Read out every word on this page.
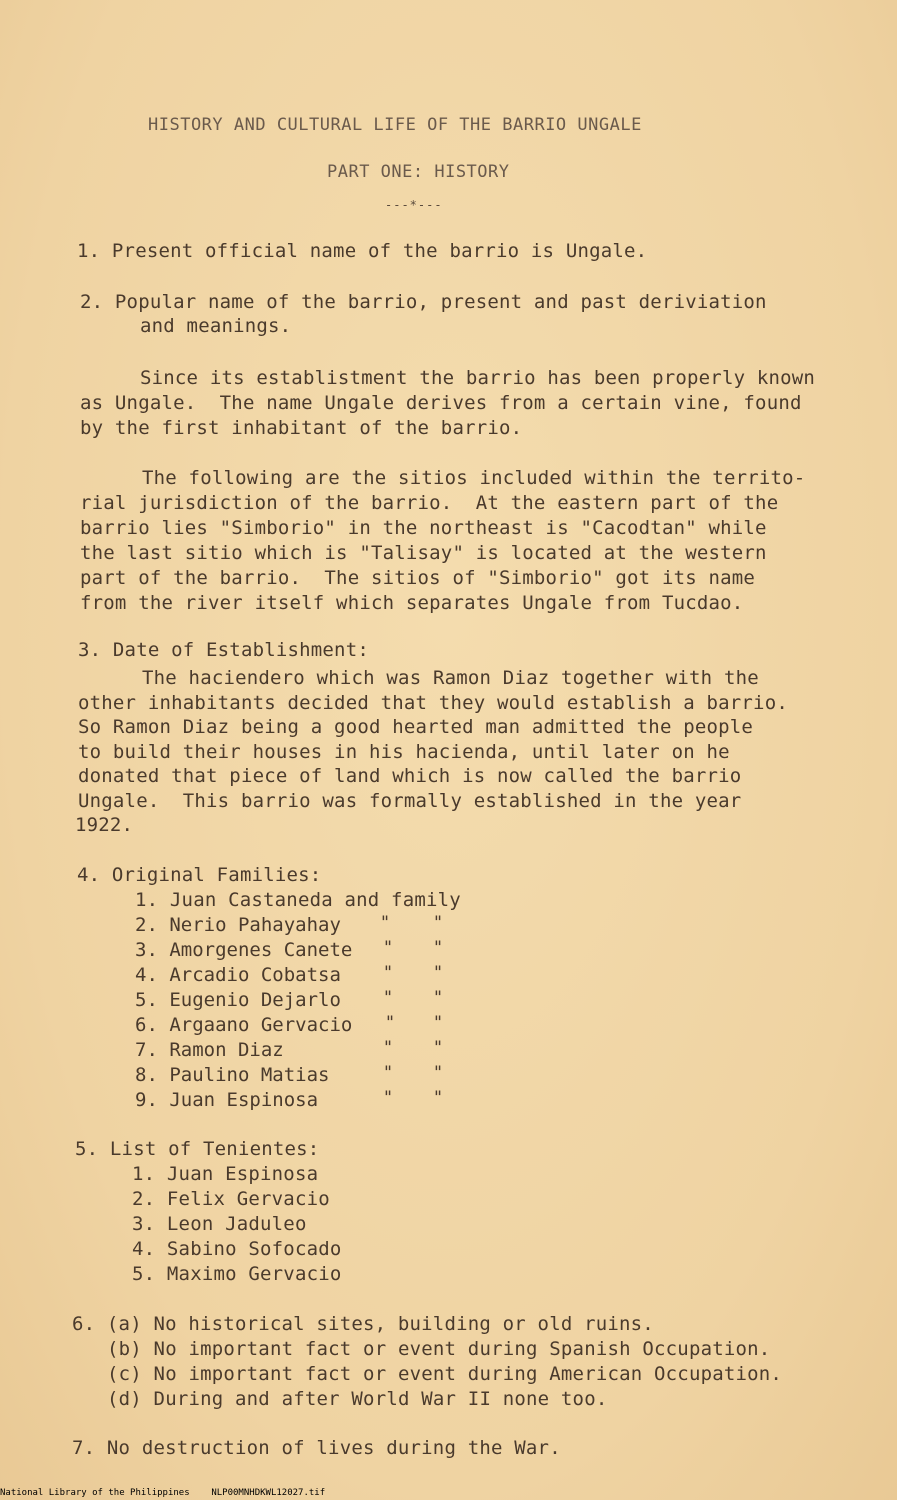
HISTORY AND CULTURAL LIFE OF THE BARRIO UNGALE
PART ONE: HISTORY
---*---
1. Present official name of the barrio is Ungale.
2. Popular name of the barrio, present and past deriviation
and meanings.
Since its establistment the barrio has been properly known
as Ungale.  The name Ungale derives from a certain vine, found
by the first inhabitant of the barrio.
The following are the sitios included within the territo-
rial jurisdiction of the barrio.  At the eastern part of the
barrio lies "Simborio" in the northeast is "Cacodtan" while
the last sitio which is "Talisay" is located at the western
part of the barrio.  The sitios of "Simborio" got its name
from the river itself which separates Ungale from Tucdao.
3. Date of Establishment:
The haciendero which was Ramon Diaz together with the
other inhabitants decided that they would establish a barrio.
So Ramon Diaz being a good hearted man admitted the people
to build their houses in his hacienda, until later on he
donated that piece of land which is now called the barrio
Ungale.  This barrio was formally established in the year
1922.
4. Original Families:
1. Juan Castaneda and family
2. Nerio Pahayahay "	"
3. Amorgenes Canete " "
4. Arcadio Cobatsa " "
5. Eugenio Dejarlo " "
6. Argaano Gervacio " "
7. Ramon Diaz	" "
8. Paulino Matias	" "
9. Juan Espinosa	" "
5. List of Tenientes:
1. Juan Espinosa
2. Felix Gervacio
3. Leon Jaduleo
4. Sabino Sofocado
5. Maximo Gervacio
6. (a) No historical sites, building or old ruins.
(b) No important fact or event during Spanish Occupation.
(c) No important fact or event during American Occupation.
(d) During and after World War II none too.
7. No destruction of lives during the War.
National Library of the Philippines NLP00MNHDKWL12027.tif
